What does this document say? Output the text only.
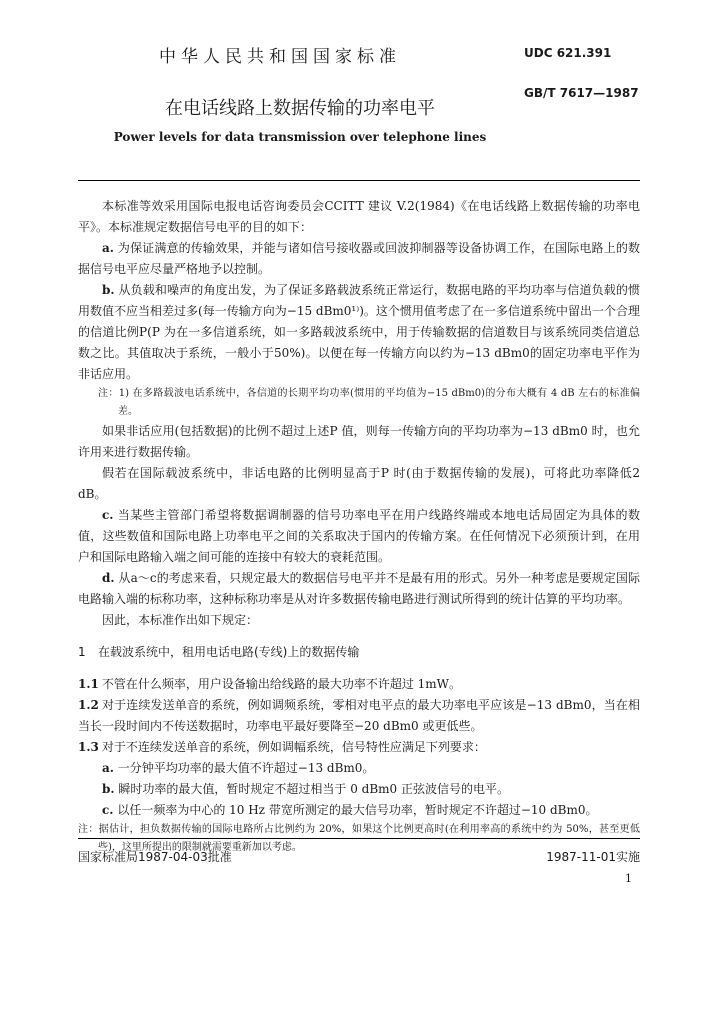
中华人民共和国国家标准	UDC 621.391
GB/T 7617—1987
在电话线路上数据传输的功率电平
Power levels for data transmission over telephone lines

本标准等效采用国际电报电话咨询委员会CCITT 建议 V.2(1984)《在电话线路上数据传输的功率电平》。本标准规定数据信号电平的目的如下：

a. 为保证满意的传输效果，并能与诸如信号接收器或回波抑制器等设备协调工作，在国际电路上的数据信号电平应尽量严格地予以控制。

b. 从负载和噪声的角度出发，为了保证多路载波系统正常运行，数据电路的平均功率与信道负载的惯用数值不应当相差过多(每一传输方向为−15 dBm0¹⁾)。这个惯用值考虑了在一多信道系统中留出一个合理的信道比例P(P 为在一多信道系统，如一多路载波系统中，用于传输数据的信道数目与该系统同类信道总数之比。其值取决于系统，一般小于50%)。以便在每一传输方向以约为−13 dBm0的固定功率电平作为非话应用。

注：1) 在多路载波电话系统中，各信道的长期平均功率(惯用的平均值为−15 dBm0)的分布大概有 4 dB 左右的标准偏差。

如果非话应用(包括数据)的比例不超过上述P 值，则每一传输方向的平均功率为−13 dBm0 时，也允许用来进行数据传输。

假若在国际载波系统中，非话电路的比例明显高于P 时(由于数据传输的发展)，可将此功率降低2 dB。

c. 当某些主管部门希望将数据调制器的信号功率电平在用户线路终端或本地电话局固定为具体的数值，这些数值和国际电路上功率电平之间的关系取决于国内的传输方案。在任何情况下必须预计到，在用户和国际电路输入端之间可能的连接中有较大的衰耗范围。

d. 从a～c的考虑来看，只规定最大的数据信号电平并不是最有用的形式。另外一种考虑是要规定国际电路输入端的标称功率，这种标称功率是从对许多数据传输电路进行测试所得到的统计估算的平均功率。

因此，本标准作出如下规定：

1 在载波系统中，租用电话电路(专线)上的数据传输

1.1 不管在什么频率，用户设备输出给线路的最大功率不许超过 1mW。

1.2 对于连续发送单音的系统，例如调频系统，零相对电平点的最大功率电平应该是−13 dBm0，当在相当长一段时间内不传送数据时，功率电平最好要降至−20 dBm0 或更低些。

1.3 对于不连续发送单音的系统，例如调幅系统，信号特性应满足下列要求：

a. 一分钟平均功率的最大值不许超过−13 dBm0。

b. 瞬时功率的最大值，暂时规定不超过相当于 0 dBm0 正弦波信号的电平。

c. 以任一频率为中心的 10 Hz 带宽所测定的最大信号功率，暂时规定不许超过−10 dBm0。

注：据估计，担负数据传输的国际电路所占比例约为 20%，如果这个比例更高时(在利用率高的系统中约为 50%，甚至更低些)，这里所提出的限制就需要重新加以考虑。

国家标准局1987-04-03批准	1987-11-01实施
1
